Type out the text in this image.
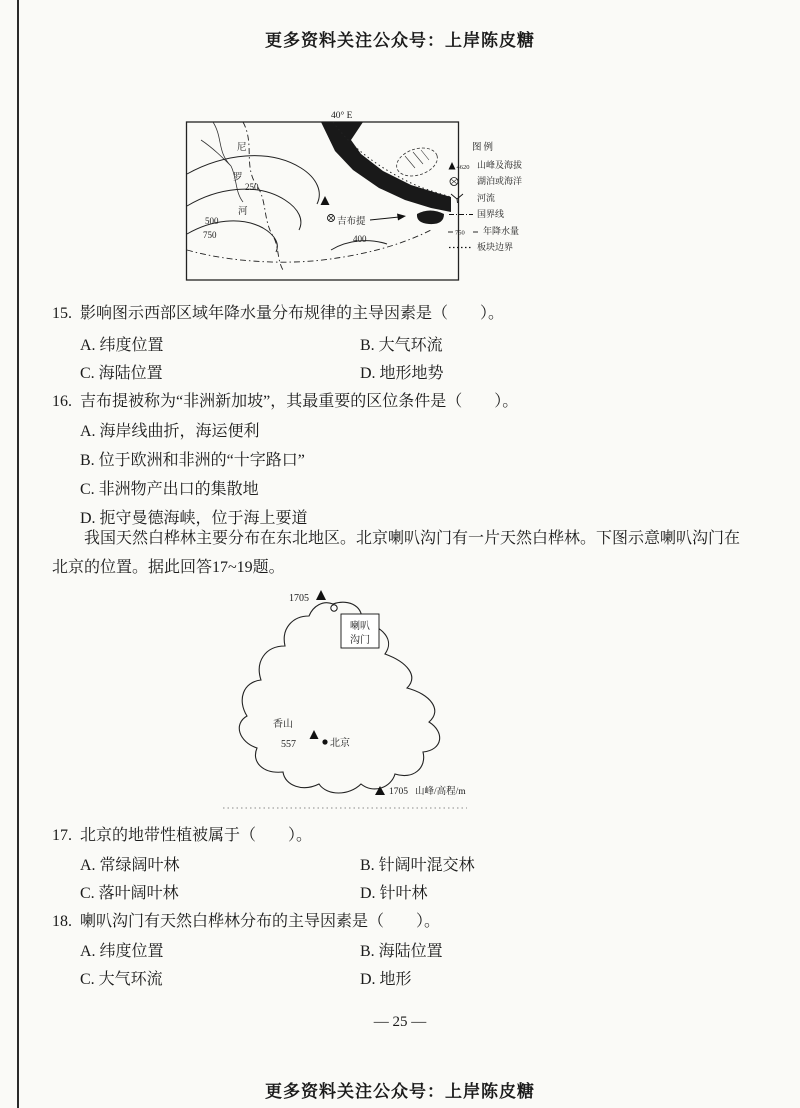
更多资料关注公众号：上岸陈皮糖
40° E
250
500
750	400
尼
罗
河
吉布提
图例
4620 山峰及海拔
湖泊或海洋
河流
国界线
750 年降水量
板块边界
15. 影响图示西部区域年降水量分布规律的主导因素是（　　）。
A. 纬度位置	B. 大气环流
C. 海陆位置	D. 地形地势
16. 吉布提被称为“非洲新加坡”，其最重要的区位条件是（　　）。
A. 海岸线曲折，海运便利
B. 位于欧洲和非洲的“十字路口”
C. 非洲物产出口的集散地
D. 扼守曼德海峡，位于海上要道
我国天然白桦林主要分布在东北地区。北京喇叭沟门有一片天然白桦林。下图示意喇叭沟门在北京的位置。据此回答17~19题。
1705
喇叭
沟门
香山
557	北京
1705 山峰/高程/m
17. 北京的地带性植被属于（　　）。
A. 常绿阔叶林	B. 针阔叶混交林
C. 落叶阔叶林	D. 针叶林
18. 喇叭沟门有天然白桦林分布的主导因素是（　　）。
A. 纬度位置	B. 海陆位置
C. 大气环流	D. 地形
— 25 —
更多资料关注公众号：上岸陈皮糖
